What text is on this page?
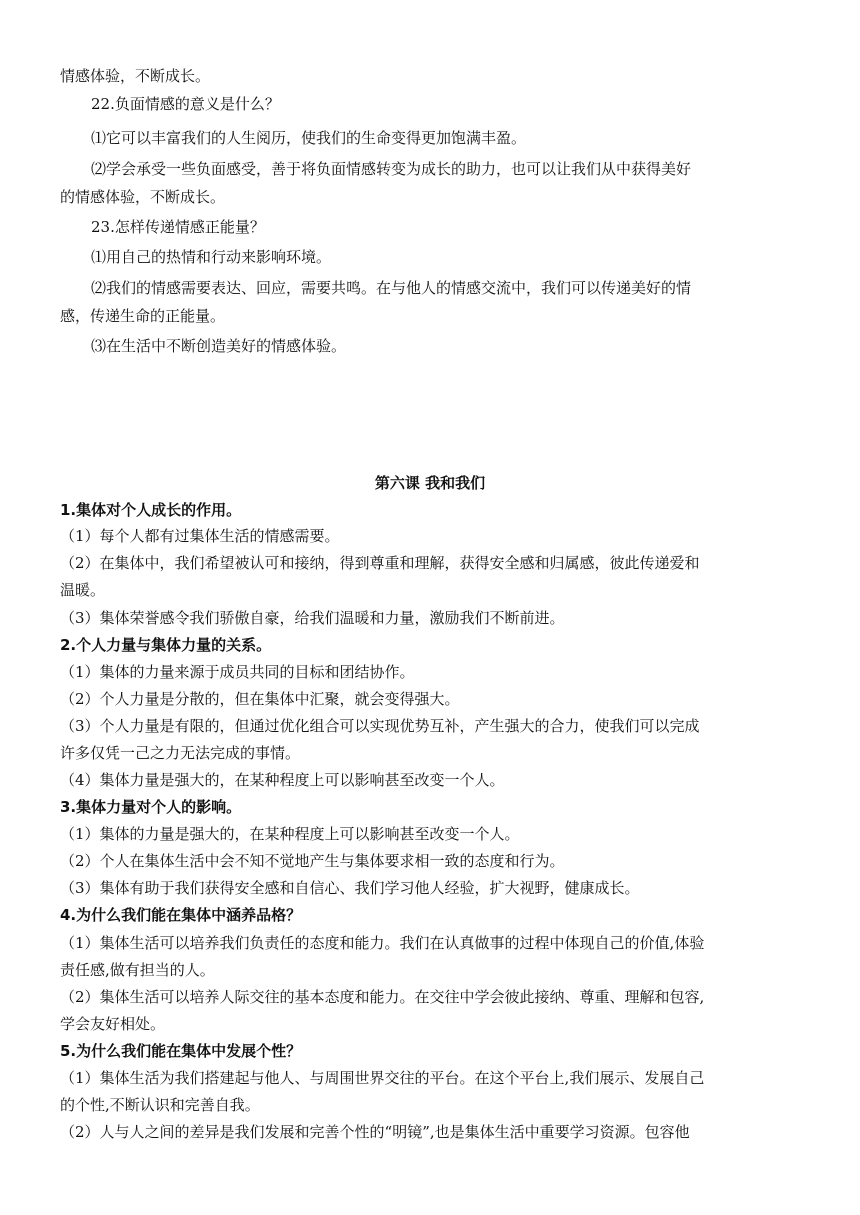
情感体验，不断成长。
22.负面情感的意义是什么？
⑴它可以丰富我们的人生阅历，使我们的生命变得更加饱满丰盈。
⑵学会承受一些负面感受，善于将负面情感转变为成长的助力，也可以让我们从中获得美好
的情感体验，不断成长。
23.怎样传递情感正能量？
⑴用自己的热情和行动来影响环境。
⑵我们的情感需要表达、回应，需要共鸣。在与他人的情感交流中，我们可以传递美好的情
感，传递生命的正能量。
⑶在生活中不断创造美好的情感体验。
第六课 我和我们
1.集体对个人成长的作用。
（1）每个人都有过集体生活的情感需要。
（2）在集体中，我们希望被认可和接纳，得到尊重和理解，获得安全感和归属感，彼此传递爱和
温暖。
（3）集体荣誉感令我们骄傲自豪，给我们温暖和力量，激励我们不断前进。
2.个人力量与集体力量的关系。
（1）集体的力量来源于成员共同的目标和团结协作。
（2）个人力量是分散的，但在集体中汇聚，就会变得强大。
（3）个人力量是有限的，但通过优化组合可以实现优势互补，产生强大的合力，使我们可以完成
许多仅凭一己之力无法完成的事情。
（4）集体力量是强大的，在某种程度上可以影响甚至改变一个人。
3.集体力量对个人的影响。
（1）集体的力量是强大的，在某种程度上可以影响甚至改变一个人。
（2）个人在集体生活中会不知不觉地产生与集体要求相一致的态度和行为。
（3）集体有助于我们获得安全感和自信心、我们学习他人经验，扩大视野，健康成长。
4.为什么我们能在集体中涵养品格？
（1）集体生活可以培养我们负责任的态度和能力。我们在认真做事的过程中体现自己的价值,体验
责任感,做有担当的人。
（2）集体生活可以培养人际交往的基本态度和能力。在交往中学会彼此接纳、尊重、理解和包容,
学会友好相处。
5.为什么我们能在集体中发展个性？
（1）集体生活为我们搭建起与他人、与周围世界交往的平台。在这个平台上,我们展示、发展自己
的个性,不断认识和完善自我。
（2）人与人之间的差异是我们发展和完善个性的“明镜”,也是集体生活中重要学习资源。包容他
